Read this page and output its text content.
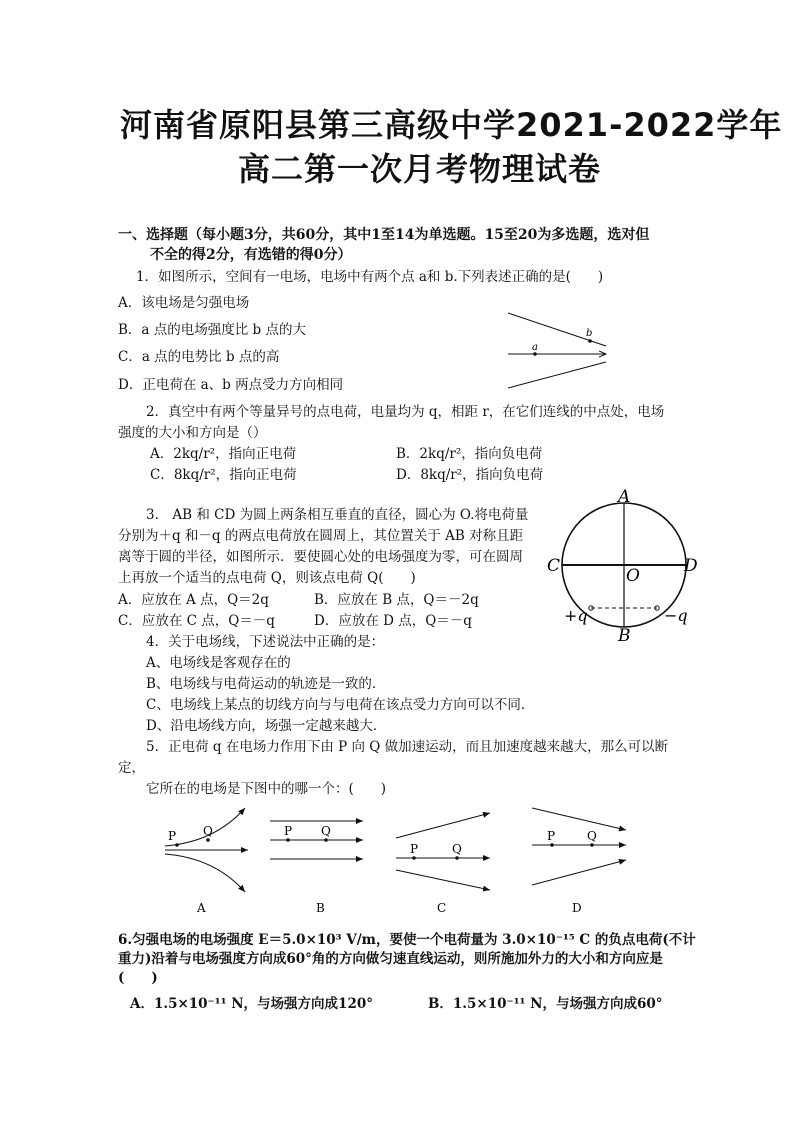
河南省原阳县第三高级中学2021-2022学年
高二第一次月考物理试卷
一、选择题（每小题3分，共60分，其中1至14为单选题。15至20为多选题，选对但
不全的得2分，有选错的得0分）
1．如图所示，空间有一电场，电场中有两个点 a和 b.下列表述正确的是(　　)
A．该电场是匀强电场
B．a 点的电场强度比 b 点的大
C．a 点的电势比 b 点的高
D．正电荷在 a、b 两点受力方向相同
b
a
2．真空中有两个等量异号的点电荷，电量均为 q，相距 r，在它们连线的中点处，电场
强度的大小和方向是（）
A．2kq/r²，指向正电荷	B．2kq/r²，指向负电荷
C．8kq/r²，指向正电荷	D．8kq/r²，指向负电荷
3.　AB 和 CD 为圆上两条相互垂直的直径，圆心为 O.将电荷量
分别为＋q 和－q 的两点电荷放在圆周上，其位置关于 AB 对称且距
离等于圆的半径，如图所示．要使圆心处的电场强度为零，可在圆周
上再放一个适当的点电荷 Q，则该点电荷 Q(　　)
A．应放在 A 点，Q＝2q	B．应放在 B 点，Q＝－2q
C．应放在 C 点，Q＝－q	D．应放在 D 点，Q＝－q
A
B
C	D
O
+q	−q
4．关于电场线，下述说法中正确的是：
A、电场线是客观存在的
B、电场线与电荷运动的轨迹是一致的．
C、电场线上某点的切线方向与与电荷在该点受力方向可以不同．
D、沿电场线方向，场强一定越来越大．
5．正电荷 q 在电场力作用下由 P 向 Q 做加速运动，而且加速度越来越大，那么可以断
定，
它所在的电场是下图中的哪一个：(　　)
P Q
A
P Q
B
P	Q
C
P	Q
D
6.匀强电场的电场强度 E＝5.0×10³ V/m，要使一个电荷量为 3.0×10⁻¹⁵ C 的负点电荷(不计
重力)沿着与电场强度方向成60°角的方向做匀速直线运动，则所施加外力的大小和方向应是
(　　)
A．1.5×10⁻¹¹ N，与场强方向成120°	B．1.5×10⁻¹¹ N，与场强方向成60°
